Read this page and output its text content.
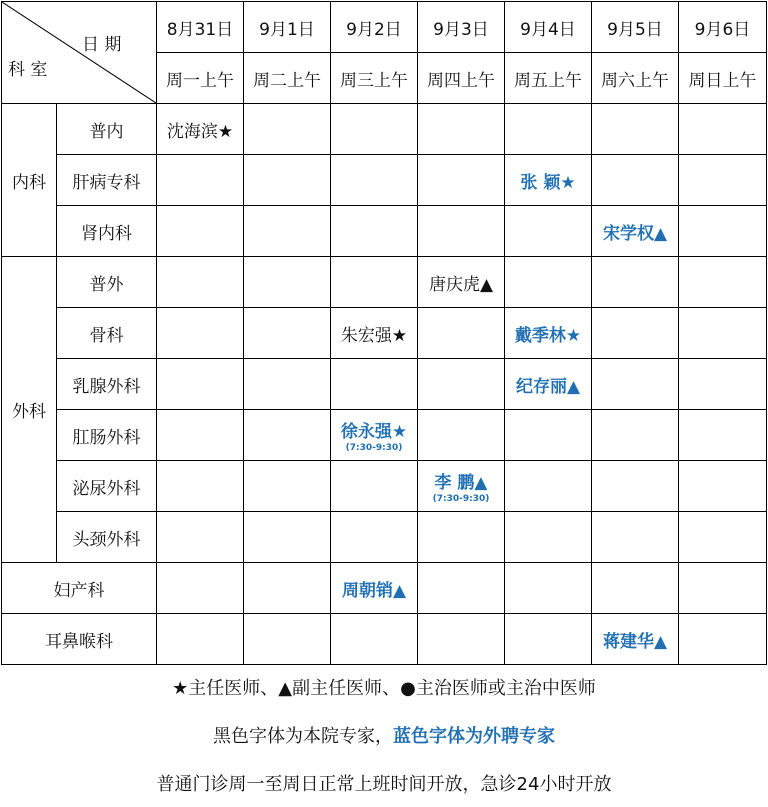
日 期
科 室		8月31日	9月1日	9月2日	9月3日	9月4日	9月5日	9月6日
		周一上午	周二上午	周三上午	周四上午	周五上午	周六上午	周日上午
内科	普内	沈海滨★						
	肝病专科					张 颖★		
	肾内科						宋学权▲	
外科	普外				唐庆虎▲			
	骨科			朱宏强★		戴季林★		
	乳腺外科					纪存丽▲		
	肛肠外科			徐永强★
(7:30-9:30)				

	泌尿外科				李 鹏▲
(7:30-9:30)			

	头颈外科							
妇产科				周朝销▲				
耳鼻喉科							蒋建华▲	
★主任医师、▲副主任医师、●主治医师或主治中医师
黑色字体为本院专家，蓝色字体为外聘专家
普通门诊周一至周日正常上班时间开放，急诊24小时开放
